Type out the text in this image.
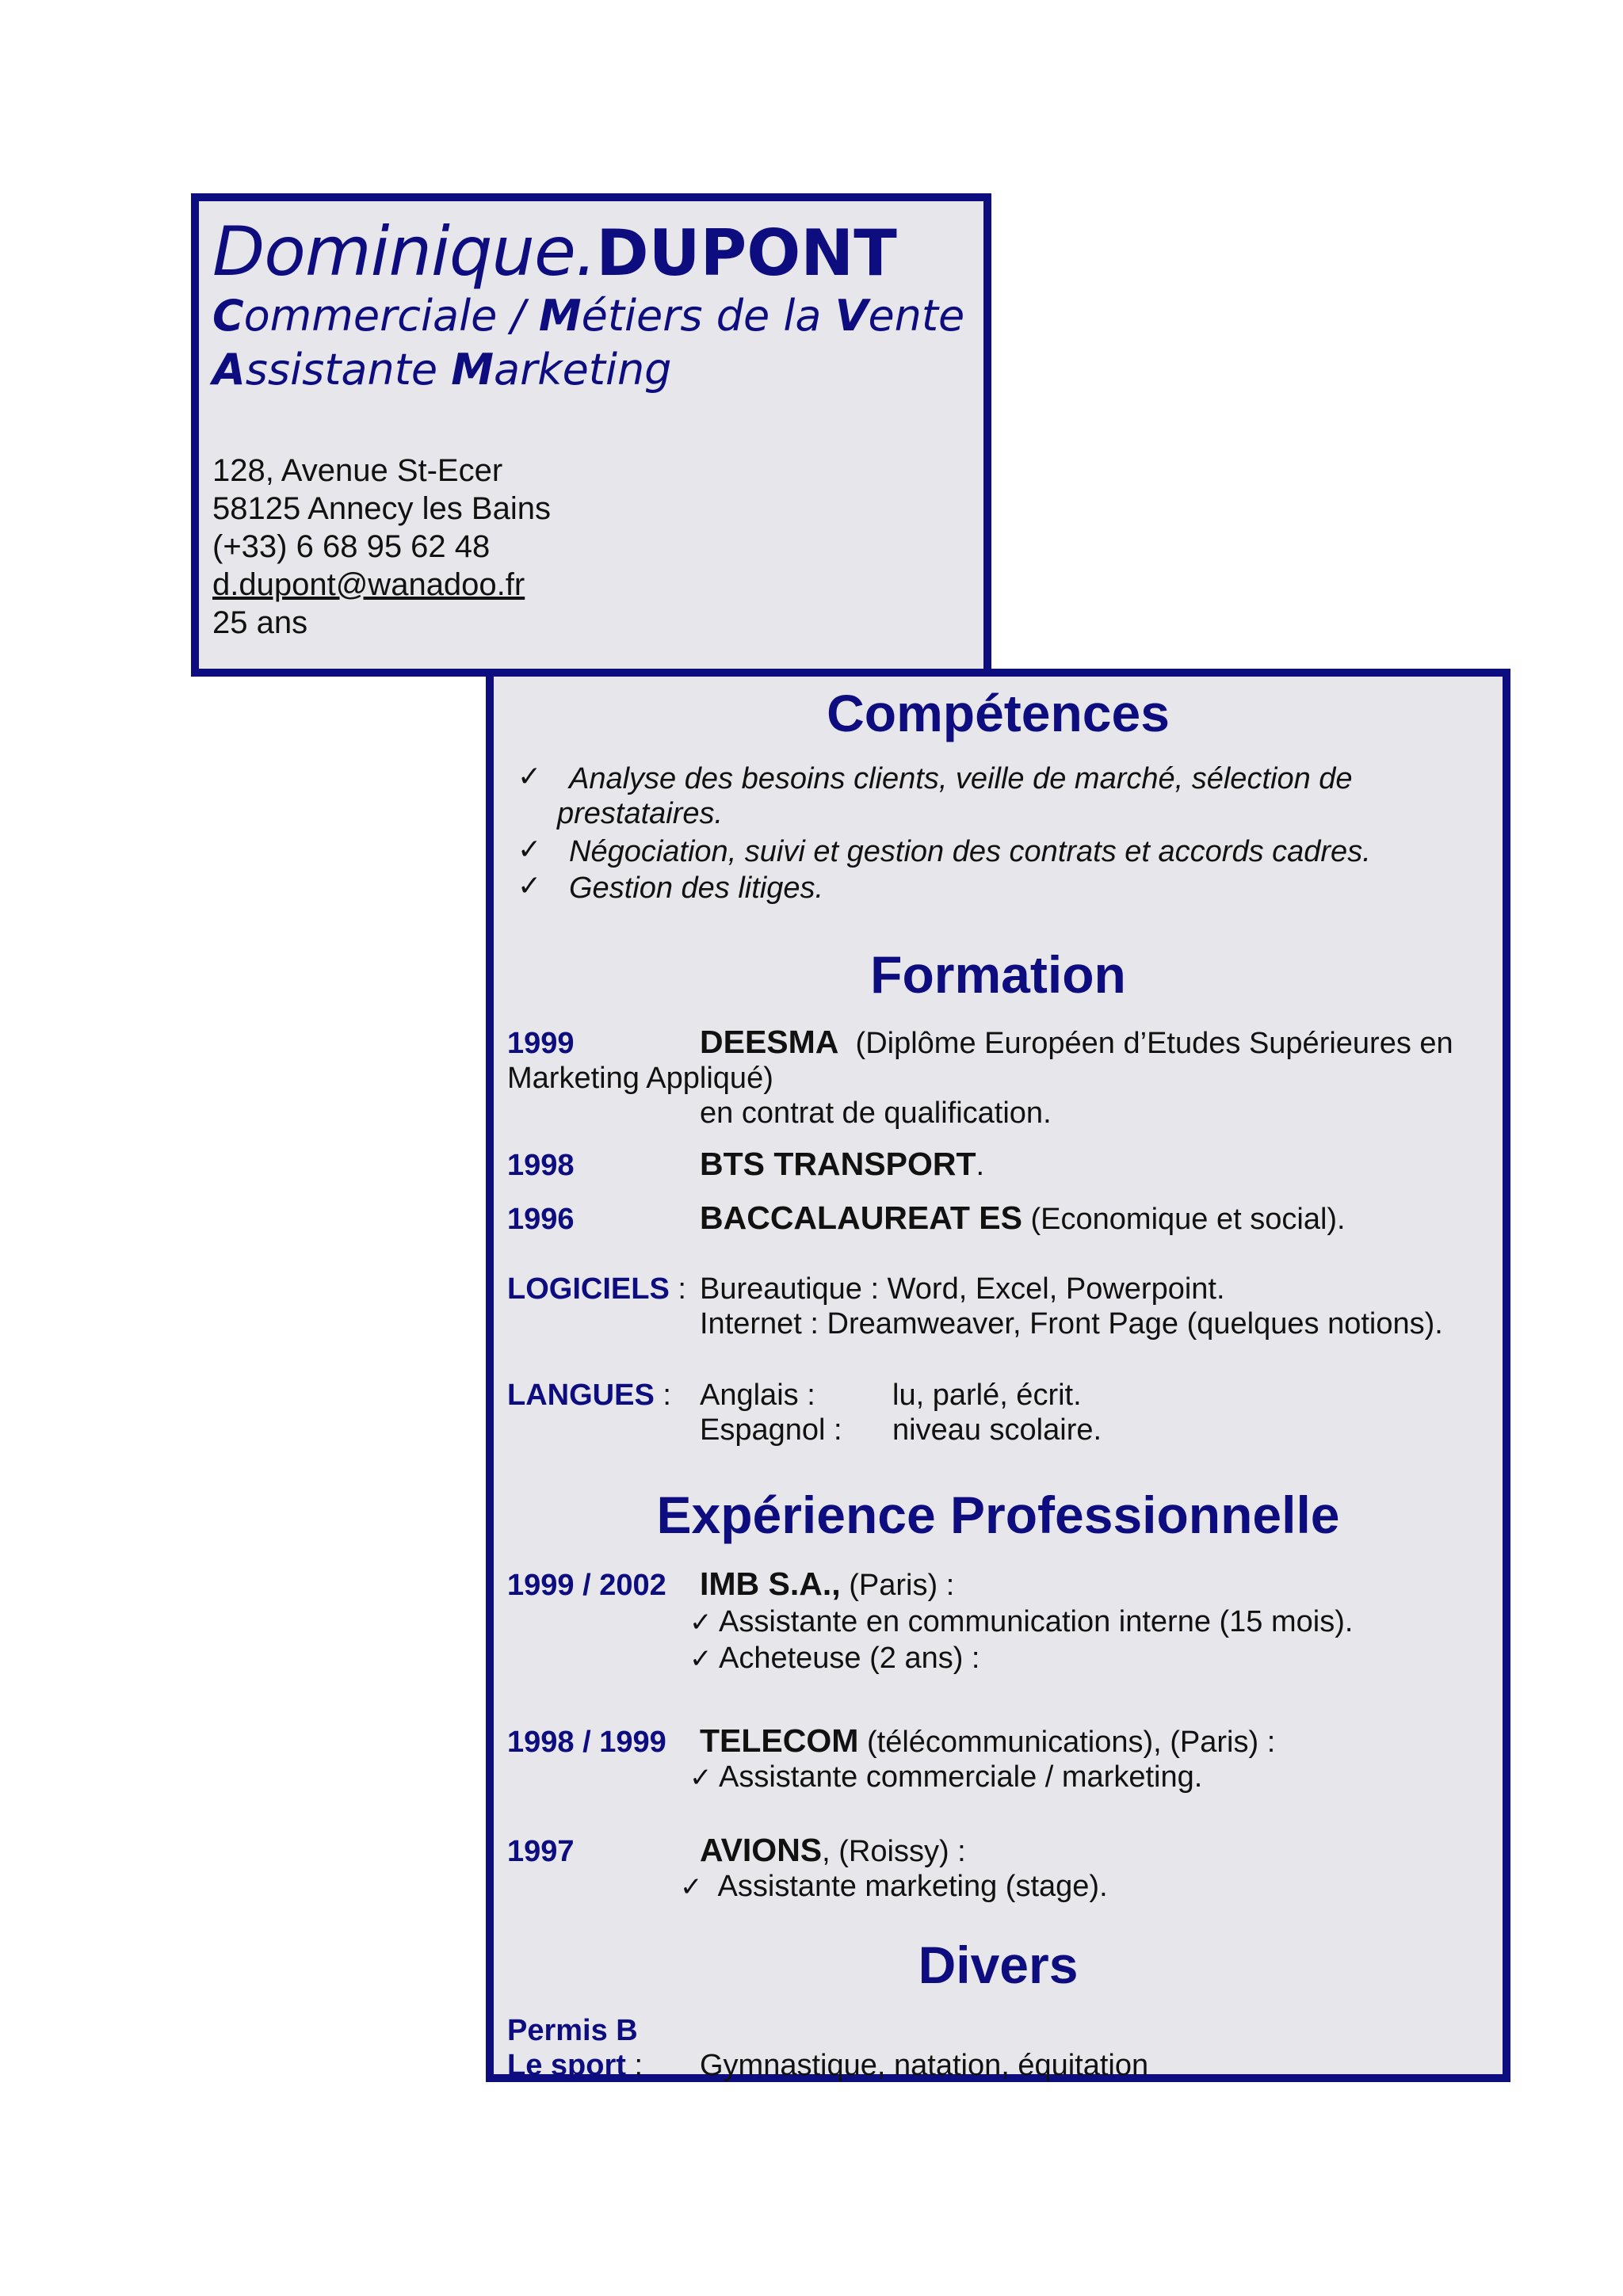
Dominique.DUPONT
Commerciale / Métiers de la Vente
Assistante Marketing
128, Avenue St-Ecer
58125 Annecy les Bains
(+33) 6 68 95 62 48
d.dupont@wanadoo.fr
25 ans
Compétences
✓ Analyse des besoins clients, veille de marché, sélection de
prestataires.
✓ Négociation, suivi et gestion des contrats et accords cadres.
✓ Gestion des litiges.
Formation
1999	DEESMA (Diplôme Européen d’Etudes Supérieures en
Marketing Appliqué)
en contrat de qualification.
1998	BTS TRANSPORT.
1996	BACCALAUREAT ES (Economique et social).
LOGICIELS : Bureautique : Word, Excel, Powerpoint.
Internet : Dreamweaver, Front Page (quelques notions).
LANGUES : Anglais :	lu, parlé, écrit.
Espagnol : niveau scolaire.
Expérience Professionnelle
1999 / 2002 IMB S.A., (Paris) :
✓ Assistante en communication interne (15 mois).
✓ Acheteuse (2 ans) :
1998 / 1999 TELECOM (télécommunications), (Paris) :
✓ Assistante commerciale / marketing.
1997	AVIONS, (Roissy) :
✓ Assistante marketing (stage).
Divers
Permis B
Le sport : Gymnastique, natation, équitation
